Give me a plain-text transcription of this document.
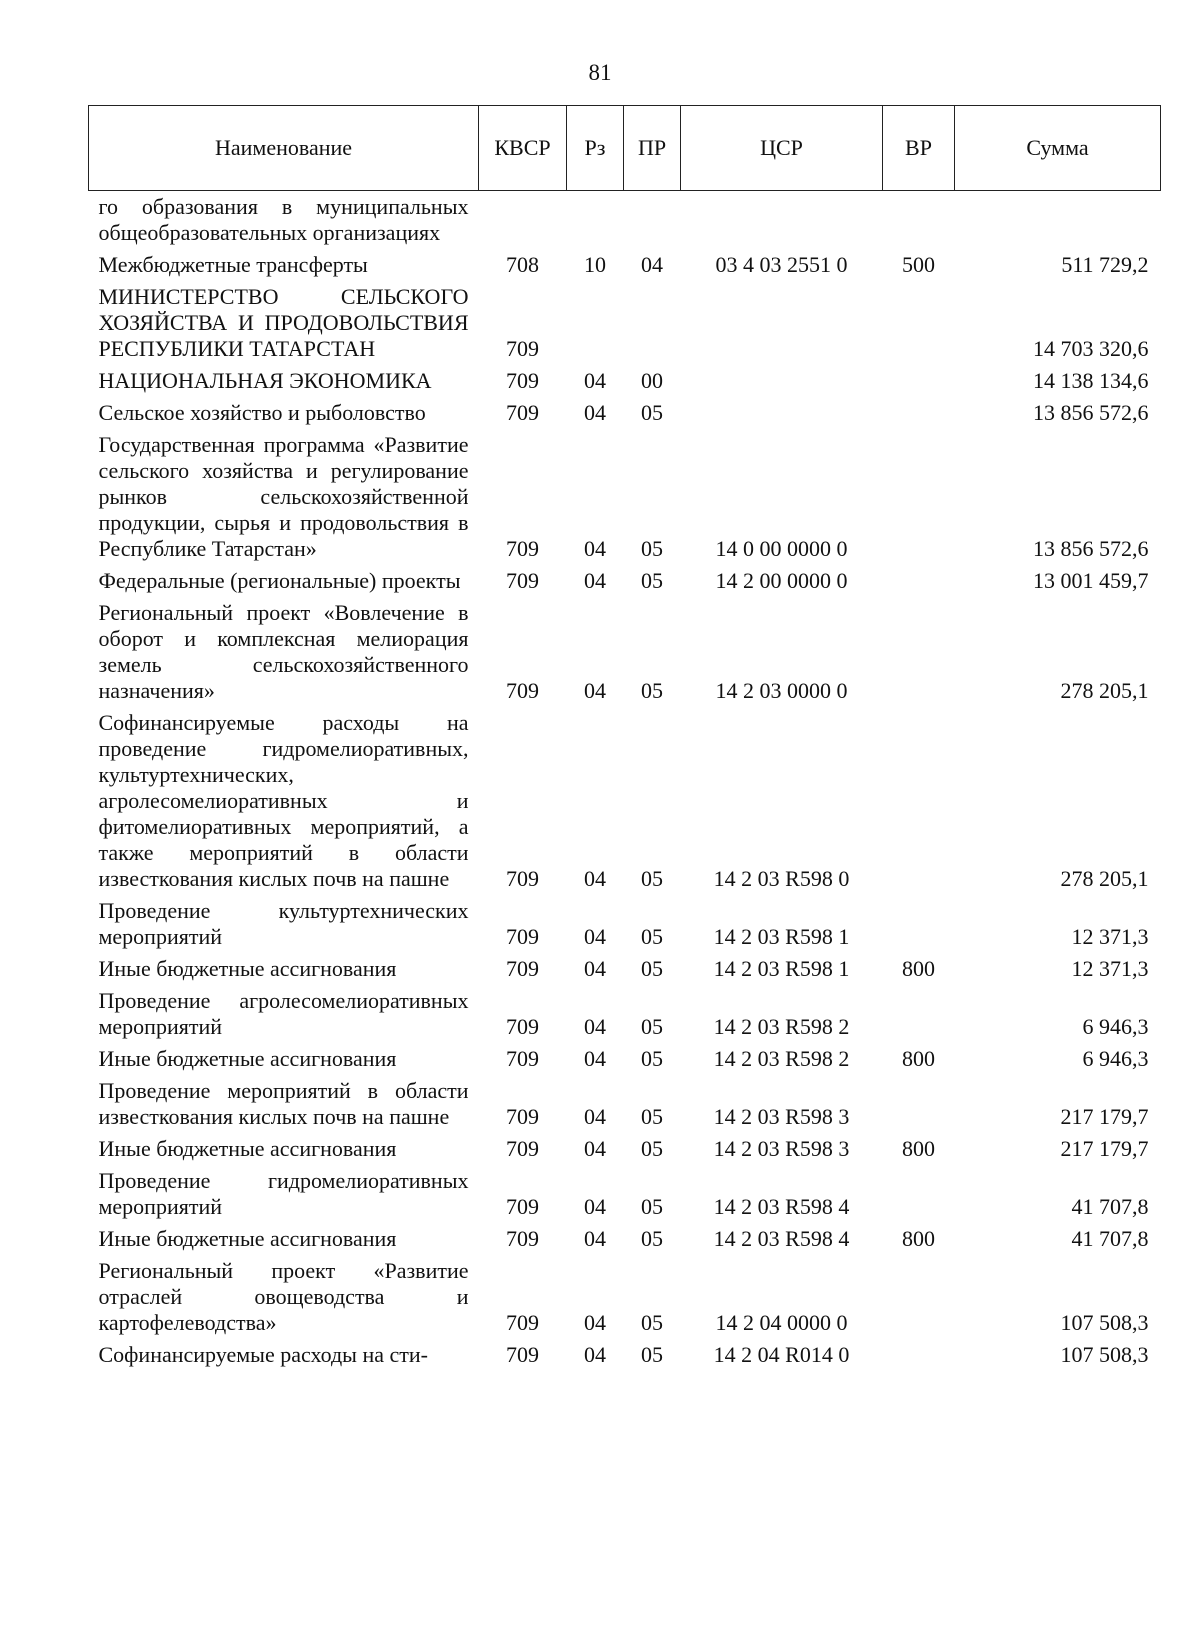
81
Наименование	КВСР	Рз	ПР	ЦСР	ВР	Сумма
го образования в муниципальных общеобразовательных организациях						
Межбюджетные трансферты	708	10	04	03 4 03 2551 0	500	511 729,2
МИНИСТЕРСТВО СЕЛЬСКОГО ХОЗЯЙСТВА И ПРОДОВОЛЬСТВИЯ РЕСПУБЛИКИ ТАТАРСТАН	709					14 703 320,6
НАЦИОНАЛЬНАЯ ЭКОНОМИКА	709	04	00			14 138 134,6
Сельское хозяйство и рыболовство	709	04	05			13 856 572,6
Государственная программа «Развитие сельского хозяйства и регулирование рынков сельскохозяйственной продукции, сырья и продовольствия в Республике Татарстан»	709	04	05	14 0 00 0000 0		13 856 572,6
Федеральные (региональные) проекты	709	04	05	14 2 00 0000 0		13 001 459,7
Региональный проект «Вовлечение в оборот и комплексная мелиорация земель сельскохозяйственного назначения»	709	04	05	14 2 03 0000 0		278 205,1
Софинансируемые расходы на проведение гидромелиоративных, культуртехнических, агролесомелиоративных и фитомелиоративных мероприятий, а также мероприятий в области известкования кислых почв на пашне	709	04	05	14 2 03 R598 0		278 205,1
Проведение культуртехнических мероприятий	709	04	05	14 2 03 R598 1		12 371,3
Иные бюджетные ассигнования	709	04	05	14 2 03 R598 1	800	12 371,3
Проведение агролесомелиоративных мероприятий	709	04	05	14 2 03 R598 2		6 946,3
Иные бюджетные ассигнования	709	04	05	14 2 03 R598 2	800	6 946,3
Проведение мероприятий в области известкования кислых почв на пашне	709	04	05	14 2 03 R598 3		217 179,7
Иные бюджетные ассигнования	709	04	05	14 2 03 R598 3	800	217 179,7
Проведение гидромелиоративных мероприятий	709	04	05	14 2 03 R598 4		41 707,8
Иные бюджетные ассигнования	709	04	05	14 2 03 R598 4	800	41 707,8
Региональный проект «Развитие отраслей овощеводства и картофелеводства»	709	04	05	14 2 04 0000 0		107 508,3
Софинансируемые расходы на сти-	709	04	05	14 2 04 R014 0		107 508,3
